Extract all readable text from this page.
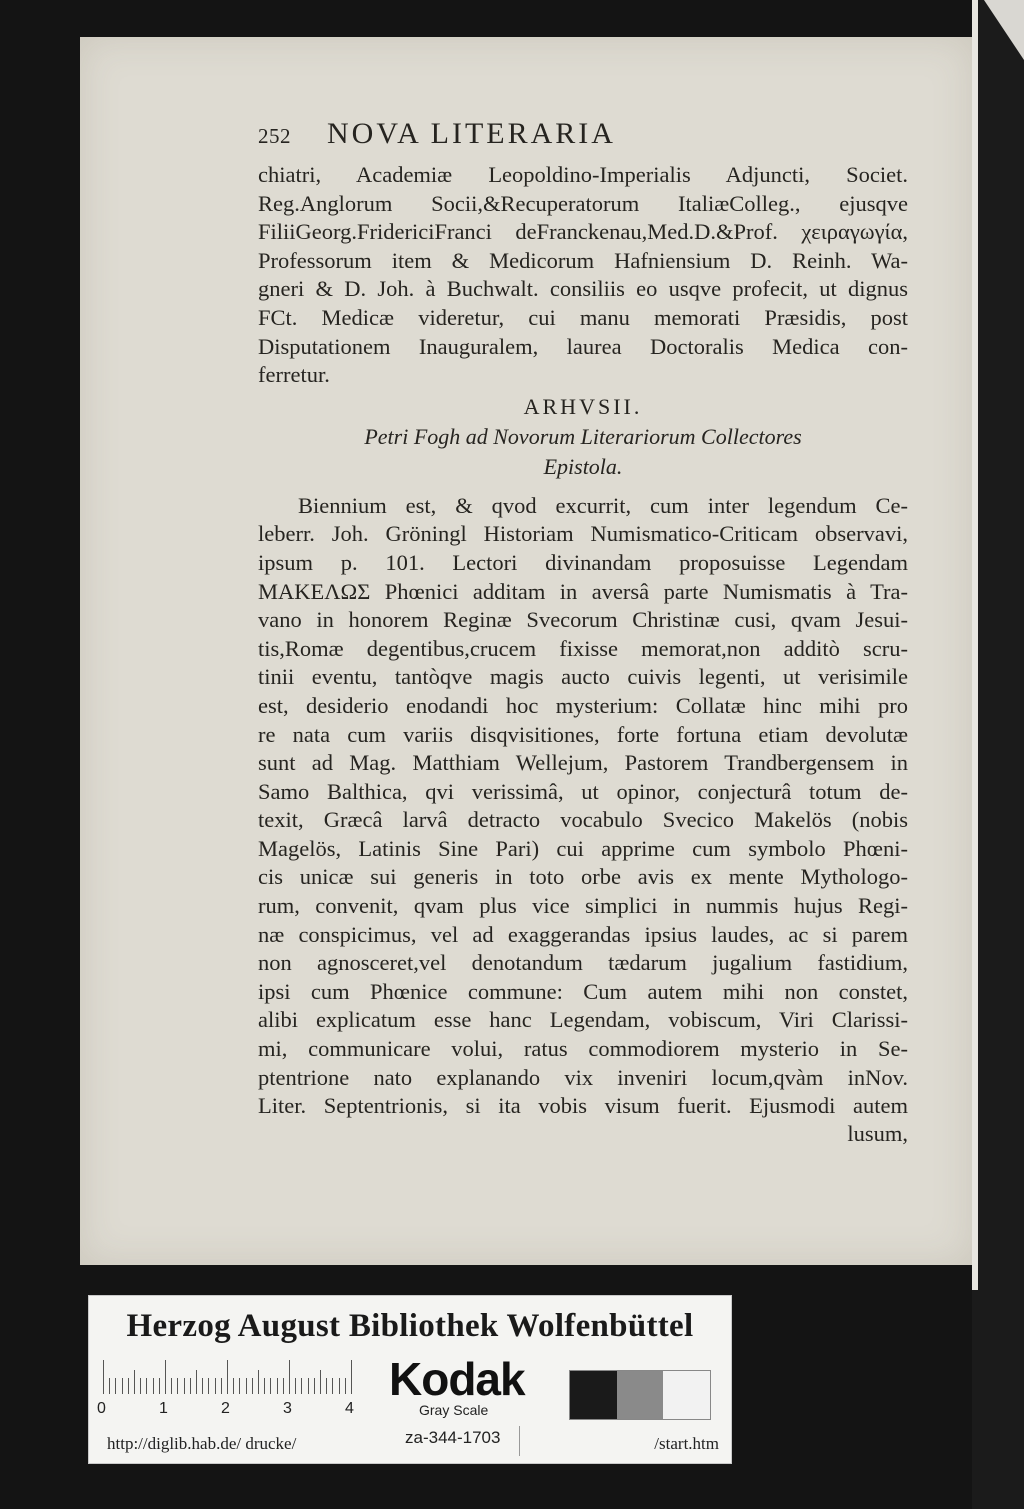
252 NOVA LITERARIA

chiatri, Academiæ Leopoldino-Imperialis Adjuncti, Societ.
Reg.Anglorum Socii,&Recuperatorum ItaliæColleg., ejusqve
FiliiGeorg.FridericiFranci deFranckenau,Med.D.&Prof. χειραγωγία,
Professorum item & Medicorum Hafniensium D. Reinh. Wa-
gneri & D. Joh. à Buchwalt. consiliis eo usqve profecit, ut dignus
FCt. Medicæ videretur, cui manu memorati Præsidis, post
Disputationem Inauguralem, laurea Doctoralis Medica con-
ferretur.

ARHVSII.
Petri Fogh ad Novorum Literariorum Collectores
Epistola.

Biennium est, & qvod excurrit, cum inter legendum Ce-
leberr. Joh. Gröningl Historiam Numismatico-Criticam observavi,
ipsum p. 101. Lectori divinandam proposuisse Legendam
ΜΑΚΕΛΩΣ Phœnici additam in aversâ parte Numismatis à Tra-
vano in honorem Reginæ Svecorum Christinæ cusi, qvam Jesui-
tis,Romæ degentibus,crucem fixisse memorat,non additò scru-
tinii eventu, tantòqve magis aucto cuivis legenti, ut verisimile
est, desiderio enodandi hoc mysterium: Collatæ hinc mihi pro
re nata cum variis disqvisitiones, forte fortuna etiam devolutæ
sunt ad Mag. Matthiam Wellejum, Pastorem Trandbergensem in
Samo Balthica, qvi verissimâ, ut opinor, conjecturâ totum de-
texit, Græcâ larvâ detracto vocabulo Svecico Makelös (nobis
Magelös, Latinis Sine Pari) cui apprime cum symbolo Phœni-
cis unicæ sui generis in toto orbe avis ex mente Mythologo-
rum, convenit, qvam plus vice simplici in nummis hujus Regi-
næ conspicimus, vel ad exaggerandas ipsius laudes, ac si parem
non agnosceret,vel denotandum tædarum jugalium fastidium,
ipsi cum Phœnice commune: Cum autem mihi non constet,
alibi explicatum esse hanc Legendam, vobiscum, Viri Clarissi-
mi, communicare volui, ratus commodiorem mysterio in Se-
ptentrione nato explanando vix inveniri locum,qvàm inNov.
Liter. Septentrionis, si ita vobis visum fuerit. Ejusmodi autem

lusum,
Herzog August Bibliothek Wolfenbüttel
0	1	2	3	4
Kodak
Gray Scale
http://diglib.hab.de/ drucke/	za-344-1703	/start.htm
